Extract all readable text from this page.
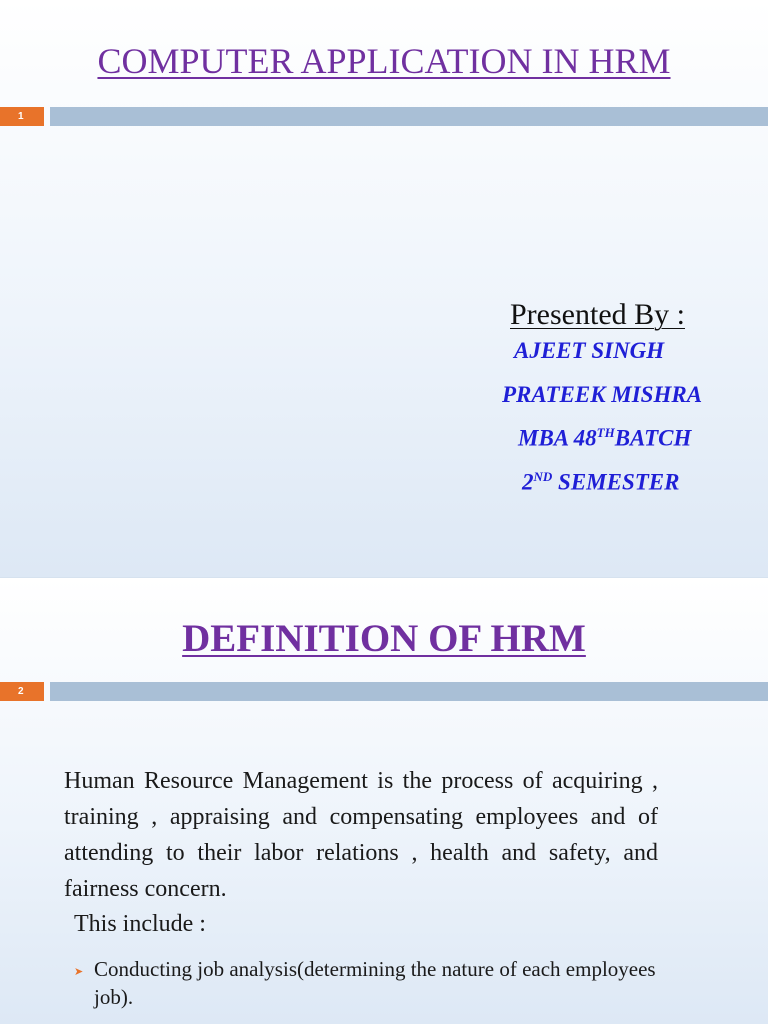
COMPUTER APPLICATION IN HRM
1
Presented By :
AJEET SINGH
PRATEEK MISHRA
MBA 48THBATCH
2ND SEMESTER
DEFINITION OF HRM
2
Human Resource Management is the process of acquiring , training , appraising and compensating employees and of attending to their labor relations , health and safety, and fairness concern.
This include :
➤ Conducting job analysis(determining the nature of each employees job).
